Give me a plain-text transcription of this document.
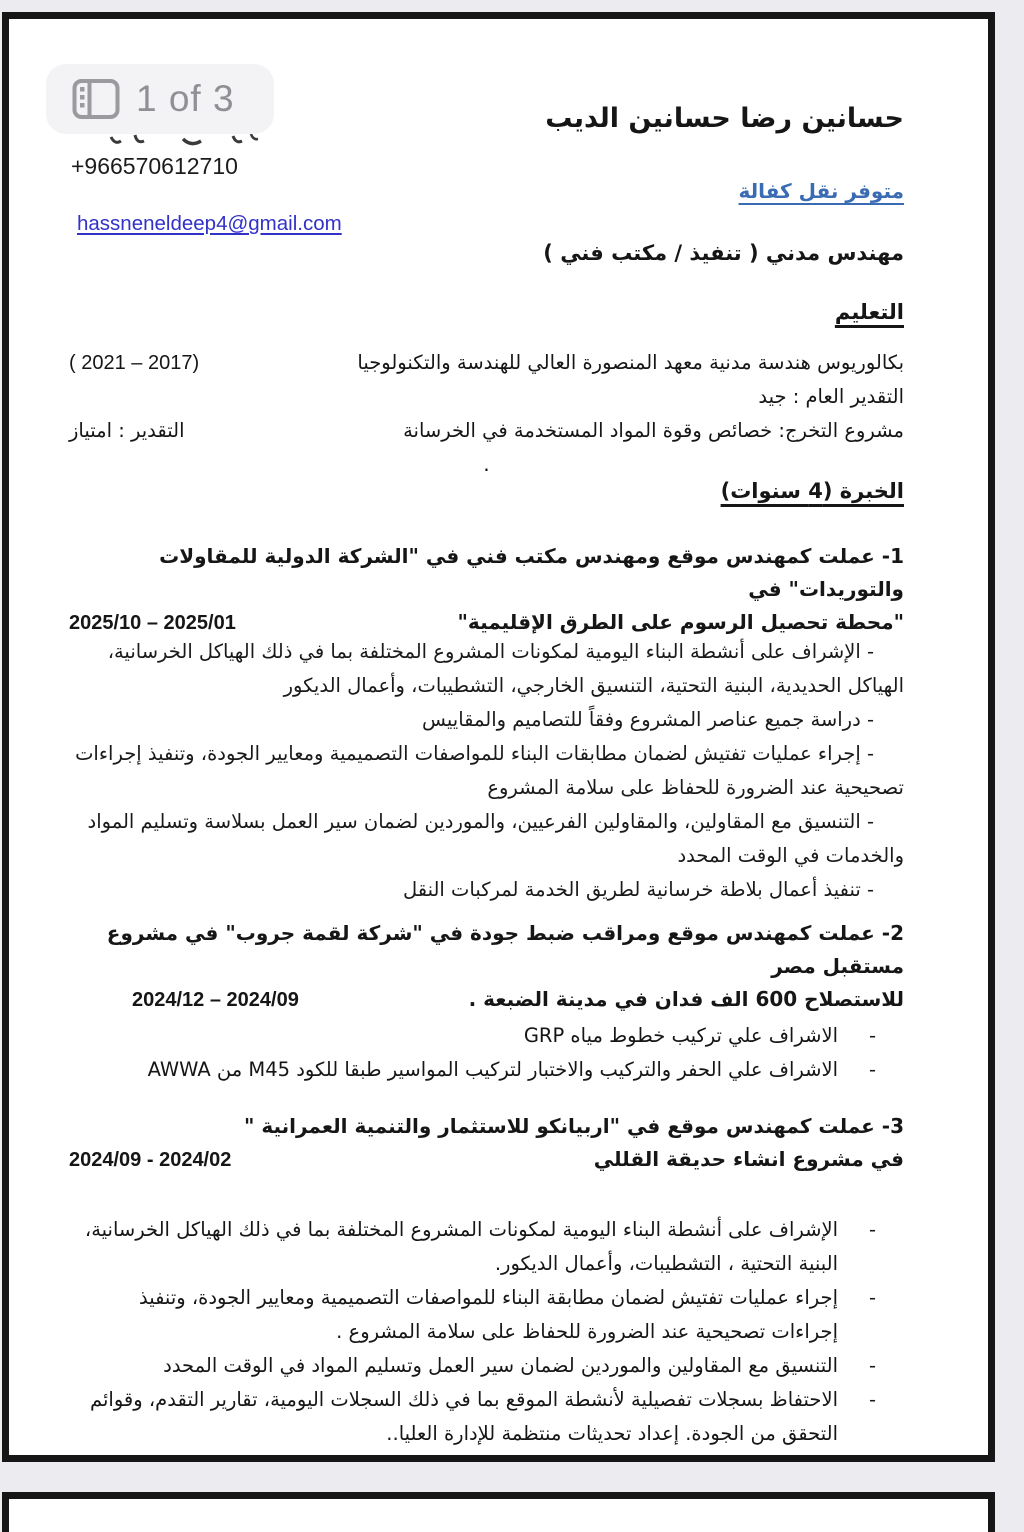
حسانين رضا حسانين الديب
+966570612710
متوفر نقل كفالة
hassneneldeep4@gmail.com
مهندس مدني ( تنفيذ / مكتب فني )
التعليم
بكالوريوس هندسة مدنية معهد المنصورة العالي للهندسة والتكنولوجيا
( 2021 – 2017)
التقدير العام : جيد
مشروع التخرج: خصائص وقوة المواد المستخدمة في الخرسانة
التقدير : امتياز
.
الخبرة (4 سنوات)
1- عملت كمهندس موقع ومهندس مكتب فني في "الشركة الدولية للمقاولات والتوريدات" في
"محطة تحصيل الرسوم على الطرق الإقليمية"
2025/10 – 2025/01

- الإشراف على أنشطة البناء اليومية لمكونات المشروع المختلفة بما في ذلك الهياكل الخرسانية، الهياكل الحديدية، البنية التحتية، التنسيق الخارجي، التشطيبات، وأعمال الديكور

- دراسة جميع عناصر المشروع وفقاً للتصاميم والمقاييس

- إجراء عمليات تفتيش لضمان مطابقات البناء للمواصفات التصميمية ومعايير الجودة، وتنفيذ إجراءات تصحيحية عند الضرورة للحفاظ على سلامة المشروع

- التنسيق مع المقاولين، والمقاولين الفرعيين، والموردين لضمان سير العمل بسلاسة وتسليم المواد والخدمات في الوقت المحدد

- تنفيذ أعمال بلاطة خرسانية لطريق الخدمة لمركبات النقل

2- عملت كمهندس موقع ومراقب ضبط جودة في "شركة لقمة جروب" في مشروع مستقبل مصر
للاستصلاح 600 الف فدان في مدينة الضبعة .
2024/12 – 2024/09
-
الاشراف علي تركيب خطوط مياه GRP
-
الاشراف علي الحفر والتركيب والاختبار لتركيب المواسير طبقا للكود M45 من AWWA
3- عملت كمهندس موقع في "اربيانكو للاستثمار والتنمية العمرانية "
في مشروع انشاء حديقة القللي
2024/09 - 2024/02
-
الإشراف على أنشطة البناء اليومية لمكونات المشروع المختلفة بما في ذلك الهياكل الخرسانية، البنية التحتية ، التشطيبات، وأعمال الديكور.
-
إجراء عمليات تفتيش لضمان مطابقة البناء للمواصفات التصميمية ومعايير الجودة، وتنفيذ إجراءات تصحيحية عند الضرورة للحفاظ على سلامة المشروع .
-
التنسيق مع المقاولين والموردين لضمان سير العمل وتسليم المواد في الوقت المحدد
-
الاحتفاظ بسجلات تفصيلية لأنشطة الموقع بما في ذلك السجلات اليومية، تقارير التقدم، وقوائم التحقق من الجودة. إعداد تحديثات منتظمة للإدارة العليا..
1 of 3
